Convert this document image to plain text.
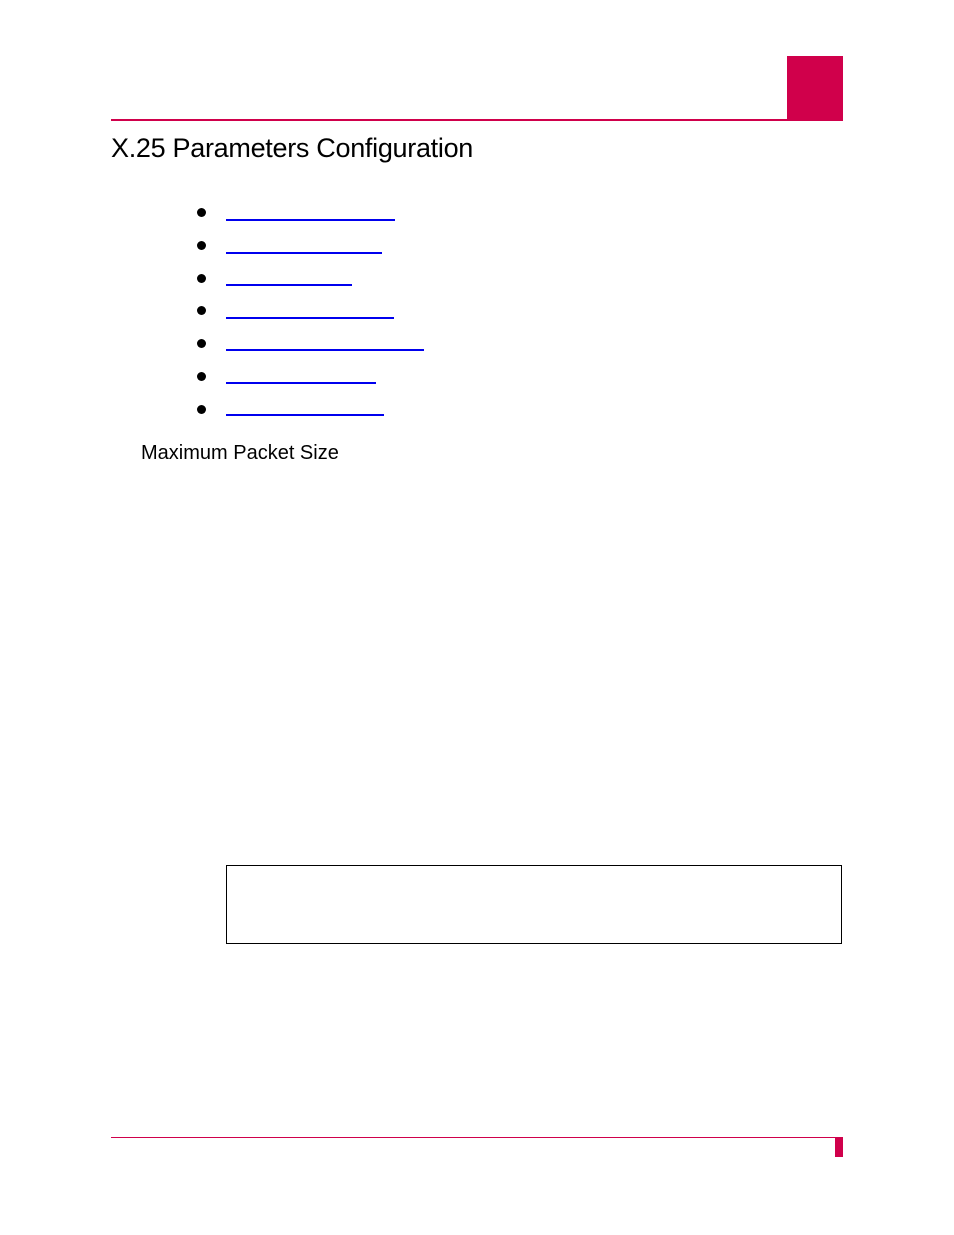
X.25 Parameters Configuration
Maximum Packet Size
